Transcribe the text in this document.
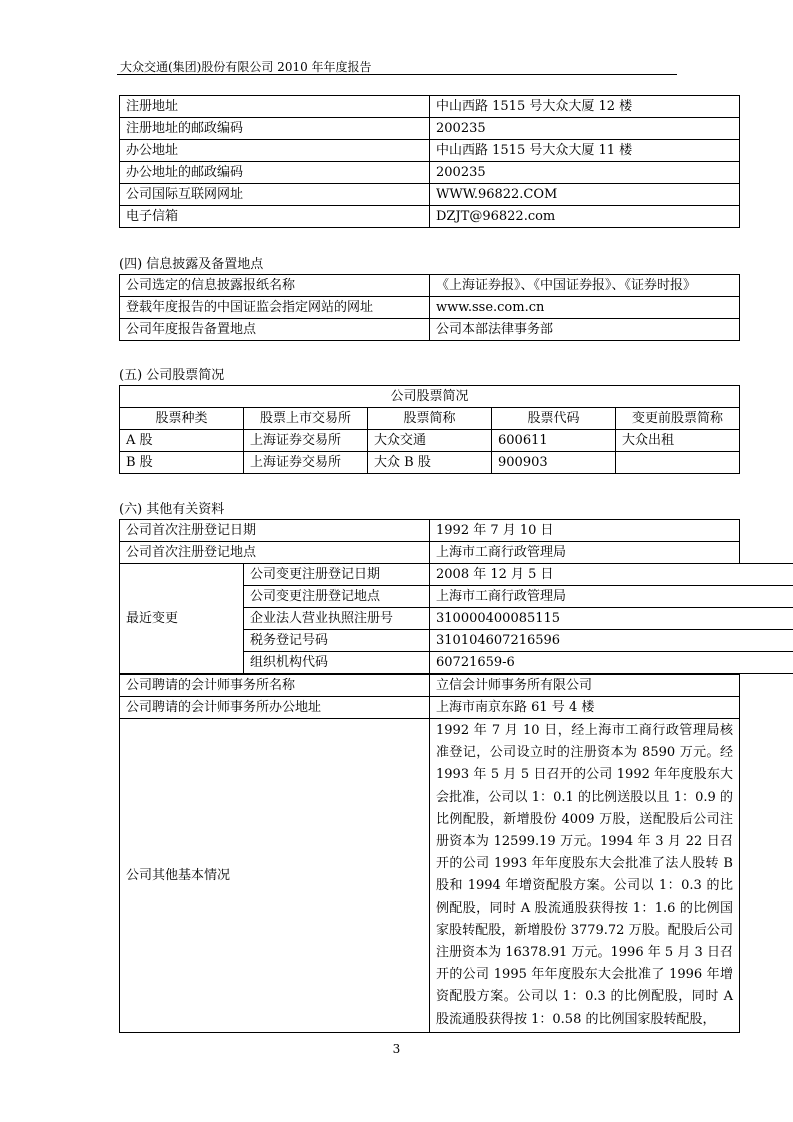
大众交通(集团)股份有限公司 2010 年年度报告
注册地址	中山西路 1515 号大众大厦 12 楼
注册地址的邮政编码	200235
办公地址	中山西路 1515 号大众大厦 11 楼
办公地址的邮政编码	200235
公司国际互联网网址	WWW.96822.COM
电子信箱	DZJT@96822.com
(四) 信息披露及备置地点
公司选定的信息披露报纸名称	《上海证券报》、《中国证券报》、《证券时报》
登载年度报告的中国证监会指定网站的网址	www.sse.com.cn
公司年度报告备置地点	公司本部法律事务部
(五) 公司股票简况
公司股票简况				
股票种类	股票上市交易所	股票简称	股票代码	变更前股票简称
A 股	上海证券交易所	大众交通	600611	大众出租
B 股	上海证券交易所	大众 B 股	900903	
(六) 其他有关资料
公司首次注册登记日期	1992 年 7 月 10 日
公司首次注册登记地点	上海市工商行政管理局
最近变更	公司变更注册登记日期	2008 年 12 月 5 日
	公司变更注册登记地点	上海市工商行政管理局
	企业法人营业执照注册号	310000400085115
	税务登记号码	310104607216596
	组织机构代码	60721659-6
公司聘请的会计师事务所名称	立信会计师事务所有限公司
公司聘请的会计师事务所办公地址	上海市南京东路 61 号 4 楼
公司其他基本情况	1992 年 7 月 10 日，经上海市工商行政管理局核准登记，公司设立时的注册资本为 8590 万元。经 1993 年 5 月 5 日召开的公司 1992 年年度股东大会批准，公司以 1：0.1 的比例送股以且 1：0.9 的比例配股，新增股份 4009 万股，送配股后公司注册资本为 12599.19 万元。1994 年 3 月 22 日召开的公司 1993 年年度股东大会批准了法人股转 B 股和 1994 年增资配股方案。公司以 1：0.3 的比例配股，同时 A 股流通股获得按 1：1.6 的比例国家股转配股，新增股份 3779.72 万股。配股后公司注册资本为 16378.91 万元。1996 年 5 月 3 日召开的公司 1995 年年度股东大会批准了 1996 年增资配股方案。公司以 1：0.3 的比例配股，同时 A 股流通股获得按 1：0.58 的比例国家股转配股，
3
